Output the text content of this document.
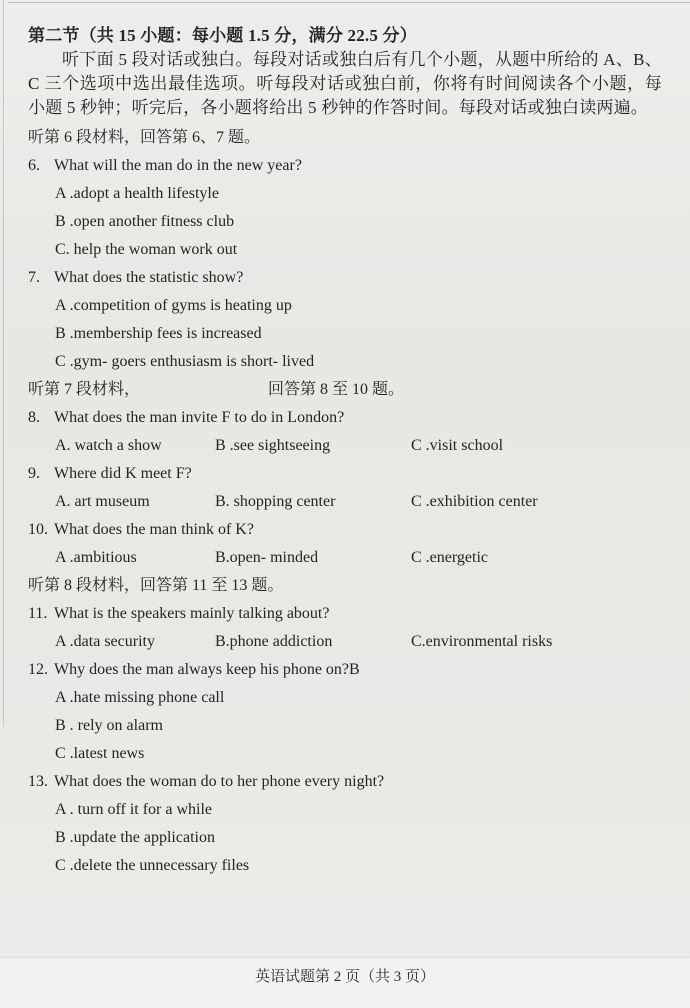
第二节（共 15 小题：每小题 1.5 分，满分 22.5 分）

听下面 5 段对话或独白。每段对话或独白后有几个小题，从题中所给的 A、B、C 三个选项中选出最佳选项。听每段对话或独白前，你将有时间阅读各个小题，每小题 5 秒钟；听完后，各小题将给出 5 秒钟的作答时间。每段对话或独白读两遍。

听第 6 段材料，回答第 6、7 题。
6. What will the man do in the new year?
A .adopt a health lifestyle
B .open another fitness club
C. help the woman work out
7. What does the statistic show?
A .competition of gyms is heating up
B .membership fees is increased
C .gym- goers enthusiasm is short- lived
听第 7 段材料，	回答第 8 至 10 题。
8. What does the man invite F to do in London?
A. watch a show	B .see sightseeing	C .visit school
9. Where did K meet F?
A. art museum	B. shopping center	C .exhibition center
10. What does the man think of K?
A .ambitious	B.open- minded	C .energetic
听第 8 段材料，回答第 11 至 13 题。
11. What is the speakers mainly talking about?
A .data security	B.phone addiction	C.environmental risks
12. Why does the man always keep his phone on?B
A .hate missing phone call
B . rely on alarm
C .latest news
13. What does the woman do to her phone every night?
A . turn off it for a while
B .update the application
C .delete the unnecessary files
英语试题第 2 页（共 3 页）
